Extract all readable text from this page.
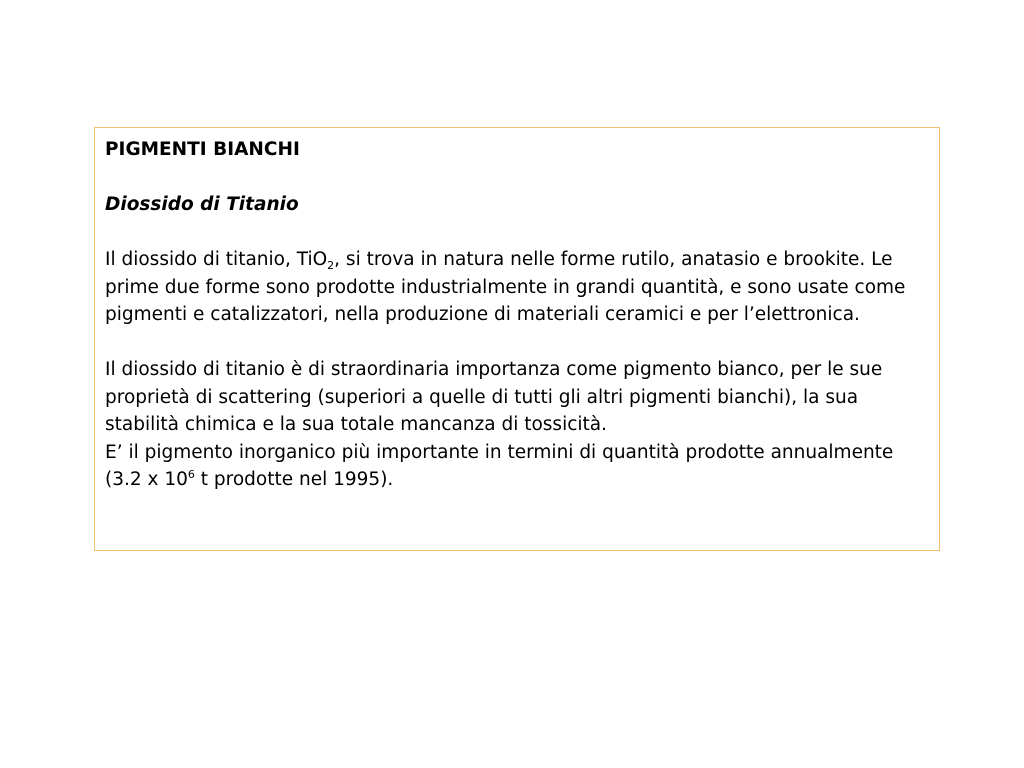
PIGMENTI BIANCHI

Diossido di Titanio

Il diossido di titanio, TiO$_2$, si trova in natura nelle forme rutilo, anatasio e brookite. Le prime due forme sono prodotte industrialmente in grandi quantità, e sono usate come pigmenti e catalizzatori, nella produzione di materiali ceramici e per l’elettronica.

Il diossido di titanio è di straordinaria importanza come pigmento bianco, per le sue proprietà di scattering (superiori a quelle di tutti gli altri pigmenti bianchi), la sua stabilità chimica e la sua totale mancanza di tossicità.

E’ il pigmento inorganico più importante in termini di quantità prodotte annualmente (3.2 x $10^6$ t prodotte nel 1995).
